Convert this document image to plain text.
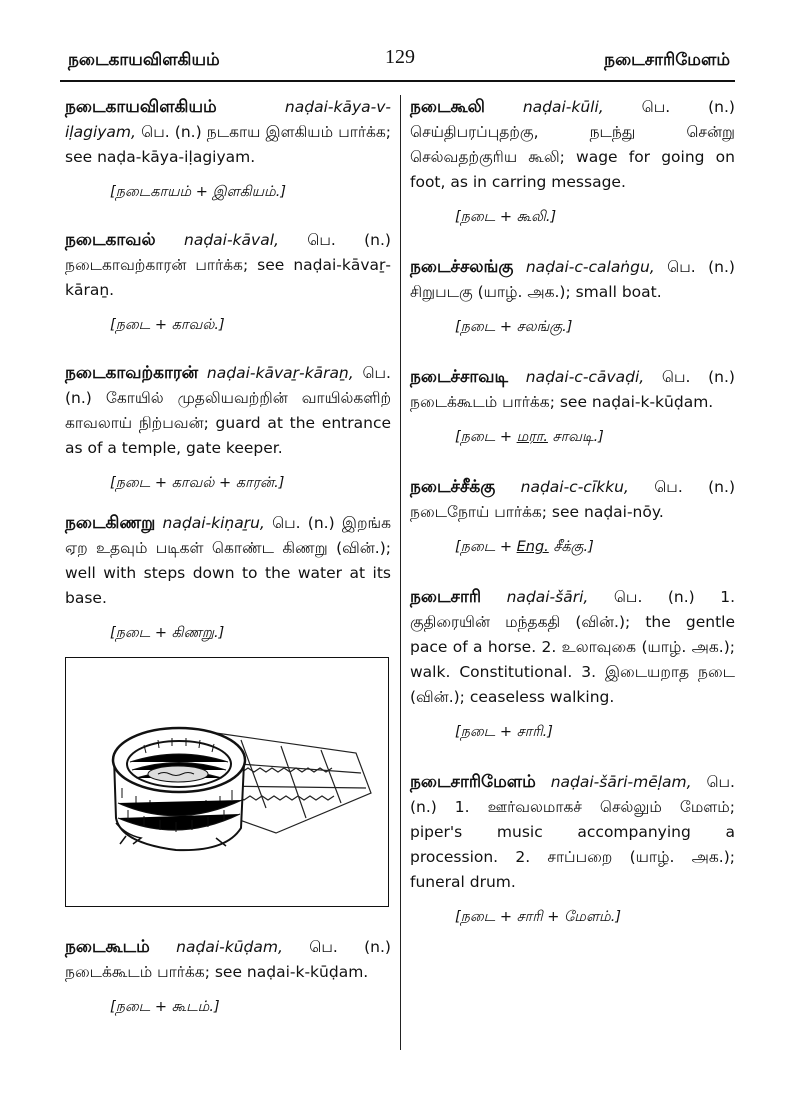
நடைகாயவிளகியம்	129	நடைசாரிமேளம்

நடைகாயவிளகியம்	naḍai-kāya-v-iḷagiyam, பெ. (n.) நடகாய இளகியம் பார்க்க; see naḍa-kāya-iḷagiyam.

[நடைகாயம் + இளகியம்.]

நடைகாவல் naḍai-kāval, பெ. (n.) நடைகாவற்காரன் பார்க்க; see naḍai-kāvaṟ-kāraṉ.

[நடை + காவல்.]

நடைகாவற்காரன் naḍai-kāvaṟ-kāraṉ, பெ. (n.) கோயில் முதலியவற்றின் வாயில்களிற் காவலாய் நிற்பவன்; guard at the entrance as of a temple, gate keeper.

[நடை + காவல் + காரன்.]

நடைகிணறு naḍai-kiṇaṟu, பெ. (n.) இறங்க ஏற உதவும் படிகள் கொண்ட கிணறு (வின்.); well with steps down to the water at its base.

[நடை + கிணறு.]

நடைகூடம் naḍai-kūḍam, பெ. (n.) நடைக்கூடம் பார்க்க; see naḍai-k-kūḍam.

[நடை + கூடம்.]

நடைகூலி naḍai-kūli, பெ. (n.) செய்திபரப்புதற்கு, நடந்து சென்று செல்வதற்குரிய கூலி; wage for going on foot, as in carring message.

[நடை + கூலி.]

நடைச்சலங்கு naḍai-c-calaṅgu, பெ. (n.) சிறுபடகு (யாழ். அக.); small boat.

[நடை + சலங்கு.]

நடைச்சாவடி naḍai-c-cāvaḍi, பெ. (n.) நடைக்கூடம் பார்க்க; see naḍai-k-kūḍam.

[நடை + மரா. சாவடி.]

நடைச்சீக்கு naḍai-c-cīkku, பெ. (n.) நடைநோய் பார்க்க; see naḍai-nōy.

[நடை + Eng. சீக்கு.]

நடைசாரி naḍai-šāri, பெ. (n.) 1. குதிரையின் மந்தகதி (வின்.); the gentle pace of a horse. 2. உலாவுகை (யாழ். அக.); walk. Constitutional. 3. இடையறாத நடை (வின்.); ceaseless walking.

[நடை + சாரி.]

நடைசாரிமேளம் naḍai-šāri-mēḷam, பெ. (n.) 1. ஊர்வலமாகச் செல்லும் மேளம்; piper's music accompanying a procession. 2. சாப்பறை (யாழ். அக.); funeral drum.

[நடை + சாரி + மேளம்.]
